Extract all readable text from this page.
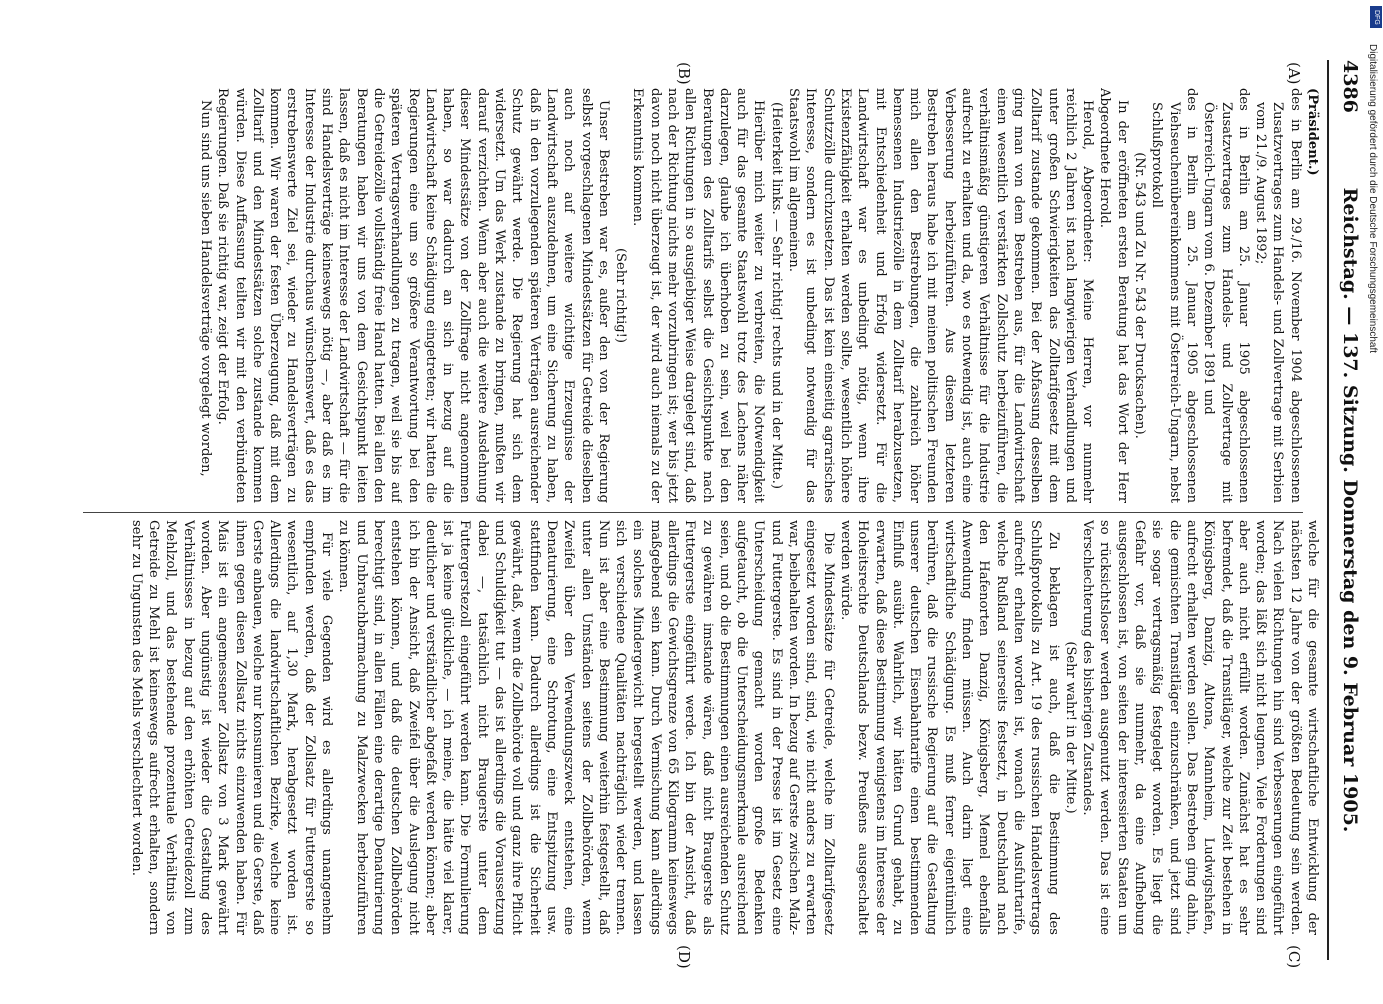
4386
Reichstag. — 137. Sitzung. Donnerstag den 9. Februar 1905.
(A)
(B)
(C)
(D)

(Präsident.)

des in Berlin am 29./16. November 1904 abgeschlossenen Zusatzvertrages zum Handels- und Zollvertrage mit Serbien vom 21./9. August 1892;

des in Berlin am 25. Januar 1905 abgeschlossenen Zusatzvertrages zum Handels- und Zollvertrage mit Österreich-Ungarn vom 6. Dezember 1891 und

des in Berlin am 25. Januar 1905 abgeschlossenen Viehseuchenübereinkommens mit Österreich-Ungarn, nebst Schlußprotokoll

(Nr. 543 und Zu Nr. 543 der Drucksachen).

In der eröffneten ersten Beratung hat das Wort der Herr Abgeordnete Herold.

Herold, Abgeordneter: Meine Herren, vor nunmehr reichlich 2 Jahren ist nach langwierigen Verhandlungen und unter großen Schwierigkeiten das Zolltarifgesetz mit dem Zolltarif zustande gekommen. Bei der Abfassung desselben ging man von dem Bestreben aus, für die Landwirtschaft einen wesentlich verstärkten Zollschutz herbeizuführen, die verhältnismäßig günstigeren Verhältnisse für die Industrie aufrecht zu erhalten und da, wo es notwendig ist, auch eine Verbesserung herbeizuführen. Aus diesem letzteren Bestreben heraus habe ich mit meinen politischen Freunden mich allen den Bestrebungen, die zahlreich höher bemessenen Industriezölle in dem Zolltarif herabzusetzen, mit Entschiedenheit und Erfolg widersetzt. Für die Landwirtschaft war es unbedingt nötig, wenn ihre Existenzfähigkeit erhalten werden sollte, wesentlich höhere Schutzzölle durchzusetzen. Das ist kein einseitig agrarisches Interesse, sondern es ist unbedingt notwendig für das Staatswohl im allgemeinen.

(Heiterkeit links. — Sehr richtig! rechts und in der Mitte.)

Hierüber mich weiter zu verbreiten, die Notwendigkeit auch für das gesamte Staatswohl trotz des Lachens näher darzulegen, glaube ich überhoben zu sein, weil bei den Beratungen des Zolltarifs selbst die Gesichtspunkte nach allen Richtungen in so ausgiebiger Weise dargelegt sind, daß nach der Richtung nichts mehr vorzubringen ist; wer bis jetzt davon noch nicht überzeugt ist, der wird auch niemals zu der Erkenntnis kommen.

(Sehr richtig!)

Unser Bestreben war es, außer den von der Regierung selbst vorgeschlagenen Mindestsätzen für Getreide dieselben auch noch auf weitere wichtige Erzeugnisse der Landwirtschaft auszudehnen, um eine Sicherung zu haben, daß in den vorzulegenden späteren Verträgen ausreichender Schutz gewährt werde. Die Regierung hat sich dem widersetzt. Um das Werk zustande zu bringen, mußten wir darauf verzichten. Wenn aber auch die weitere Ausdehnung dieser Mindestsätze von der Zollfrage nicht angenommen haben, so war dadurch an sich in bezug auf die Landwirtschaft keine Schädigung eingetreten; wir hatten die Regierungen eine um so größere Verantwortung bei den späteren Vertragsverhandlungen zu tragen, weil sie bis auf die Getreidezölle vollständig freie Hand hatten. Bei allen den Beratungen haben wir uns von dem Gesichtspunkt leiten lassen, daß es nicht im Interesse der Landwirtschaft — für die sind Handelsverträge keineswegs nötig —, aber daß es im Interesse der Industrie durchaus wünschenswert, daß es das erstrebenswerte Ziel sei, wieder zu Handelsverträgen zu kommen. Wir waren der festen Überzeugung, daß mit dem Zolltarif und den Mindestsätzen solche zustande kommen würden. Diese Auffassung teilten wir mit den verbündeten Regierungen. Daß sie richtig war, zeigt der Erfolg.

Nun sind uns sieben Handelsverträge vorgelegt worden,

welche für die gesamte wirtschaftliche Entwicklung der nächsten 12 Jahre von der größten Bedeutung sein werden. Nach vielen Richtungen hin sind Verbesserungen eingeführt worden; das läßt sich nicht leugnen. Viele Forderungen sind aber auch nicht erfüllt worden. Zunächst hat es sehr befremdet, daß die Transitläger, welche zur Zeit bestehen in Königsberg, Danzig, Altona, Mannheim, Ludwigshafen, aufrecht erhalten werden sollen. Das Bestreben ging dahin, die gemischten Transitläger einzuschränken, und jetzt sind sie sogar vertragsmäßig festgelegt worden. Es liegt die Gefahr vor, daß sie nunmehr, da eine Aufhebung ausgeschlossen ist, von seiten der interessierten Staaten um so rücksichtsloser werden ausgenutzt werden. Das ist eine Verschlechterung des bisherigen Zustandes.

(Sehr wahr! in der Mitte.)

Zu beklagen ist auch, daß die Bestimmung des Schlußprotokolls zu Art. 19 des russischen Handelsvertrags aufrecht erhalten worden ist, wonach die Ausfuhrtarife, welche Rußland seinerseits festsetzt, in Deutschland nach den Hafenorten Danzig, Königsberg, Memel ebenfalls Anwendung finden müssen. Auch darin liegt eine wirtschaftliche Schädigung. Es muß ferner eigentümlich berühren, daß die russische Regierung auf die Gestaltung unserer deutschen Eisenbahntarife einen bestimmenden Einfluß ausübt. Wahrlich, wir hätten Grund gehabt, zu erwarten, daß diese Bestimmung wenigstens im Interesse der Hoheitsrechte Deutschlands bezw. Preußens ausgeschaltet werden würde.

Die Mindestsätze für Getreide, welche im Zolltarifgesetz eingesetzt worden sind, sind, wie nicht anders zu erwarten war, beibehalten worden. In bezug auf Gerste zwischen Malz- und Futtergerste. Es sind in der Presse ist im Gesetz eine Unterscheidung gemacht worden große Bedenken aufgetaucht, ob die Unterscheidungsmerkmale ausreichend seien, und ob die Bestimmungen einen ausreichenden Schutz zu gewähren imstande wären, daß nicht Braugerste als Futtergerste eingeführt werde. Ich bin der Ansicht, daß allerdings die Gewichtsgrenze von 65 Kilogramm keineswegs maßgebend sein kann. Durch Vermischung kann allerdings ein solches Mindergewicht hergestellt werden, und lassen sich verschiedene Qualitäten nachträglich wieder trennen. Nun ist aber eine Bestimmung weiterhin festgestellt, daß unter allen Umständen seitens der Zollbehörden, wenn Zweifel über den Verwendungszweck entstehen, eine Denaturierung, eine Schrotung, eine Entspitzung usw. stattfinden kann. Dadurch allerdings ist die Sicherheit gewährt, daß, wenn die Zollbehörde voll und ganz ihre Pflicht und Schuldigkeit tut — das ist allerdings die Voraussetzung dabei —, tatsächlich nicht Braugerste unter dem Futtergerstezoll eingeführt werden kann. Die Formulierung ist ja keine glückliche, — ich meine, die hätte viel klarer, deutlicher und verständlicher abgefaßt werden können; aber ich bin der Ansicht, daß Zweifel über die Auslegung nicht entstehen können, und daß die deutschen Zollbehörden berechtigt sind, in allen Fällen eine derartige Denaturierung und Unbrauchbarmachung zu Malzzwecken herbeizuführen zu können.

Für viele Gegenden wird es allerdings unangenehm empfunden werden, daß der Zollsatz für Futtergerste so wesentlich, auf 1,30 Mark, herabgesetzt worden ist. Allerdings die landwirtschaftlichen Bezirke, welche keine Gerste anbauen, welche nur konsumieren und die Gerste, daß ihnen gegen diesen Zollsatz nichts einzuwenden haben. Für Mais ist ein angemessener Zollsatz von 3 Mark gewährt worden. Aber ungünstig ist wieder die Gestaltung des Verhältnisses in bezug auf den erhöhten Getreidezoll zum Mehlzoll, und das bestehende prozentuale Verhältnis von Getreide zu Mehl ist keineswegs aufrecht erhalten, sondern sehr zu Ungunsten des Mehls verschlechtert worden.

DFG
Digitalisierung gefördert durch die Deutsche Forschungsgemeinschaft
